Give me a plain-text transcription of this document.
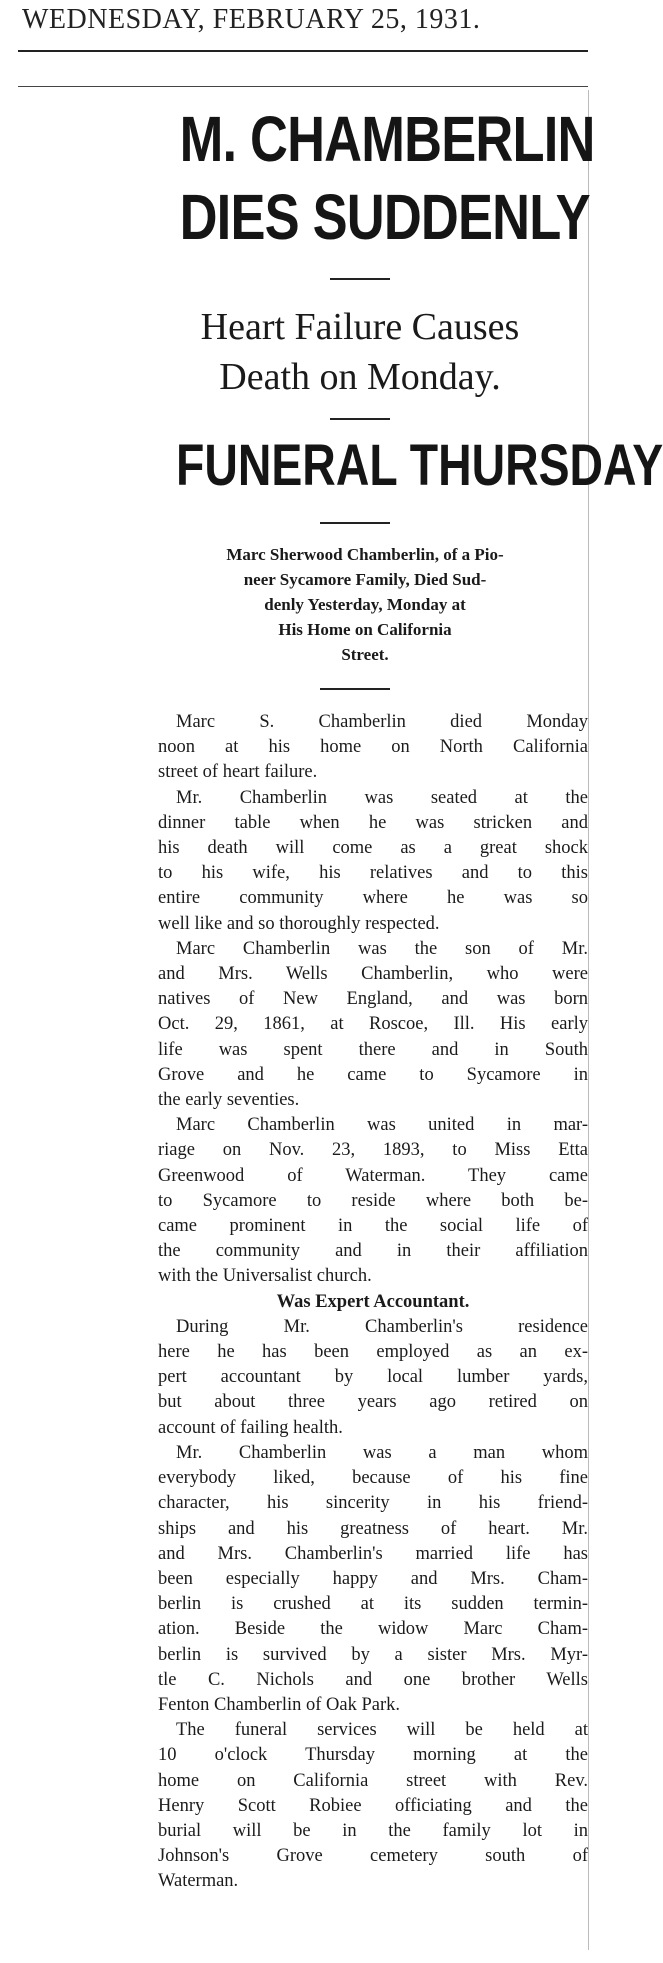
WEDNESDAY, FEBRUARY 25, 1931.
M. CHAMBERLIN
DIES SUDDENLY
Heart Failure Causes
Death on Monday.
FUNERAL THURSDAY
Marc Sherwood Chamberlin, of a Pio-
neer Sycamore Family, Died Sud-
denly Yesterday, Monday at
His Home on California
Street.
Marc S. Chamberlin died Monday
noon at his home on North California
street of heart failure.
Mr. Chamberlin was seated at the
dinner table when he was stricken and
his death will come as a great shock
to his wife, his relatives and to this
entire community where he was so
well like and so thoroughly respected.
Marc Chamberlin was the son of Mr.
and Mrs. Wells Chamberlin, who were
natives of New England, and was born
Oct. 29, 1861, at Roscoe, Ill. His early
life was spent there and in South
Grove and he came to Sycamore in
the early seventies.
Marc Chamberlin was united in mar-
riage on Nov. 23, 1893, to Miss Etta
Greenwood of Waterman. They came
to Sycamore to reside where both be-
came prominent in the social life of
the community and in their affiliation
with the Universalist church.
Was Expert Accountant.
During Mr. Chamberlin's residence
here he has been employed as an ex-
pert accountant by local lumber yards,
but about three years ago retired on
account of failing health.
Mr. Chamberlin was a man whom
everybody liked, because of his fine
character, his sincerity in his friend-
ships and his greatness of heart. Mr.
and Mrs. Chamberlin's married life has
been especially happy and Mrs. Cham-
berlin is crushed at its sudden termin-
ation. Beside the widow Marc Cham-
berlin is survived by a sister Mrs. Myr-
tle C. Nichols and one brother Wells
Fenton Chamberlin of Oak Park.
The funeral services will be held at
10 o'clock Thursday morning at the
home on California street with Rev.
Henry Scott Robiee officiating and the
burial will be in the family lot in
Johnson's Grove cemetery south of
Waterman.
